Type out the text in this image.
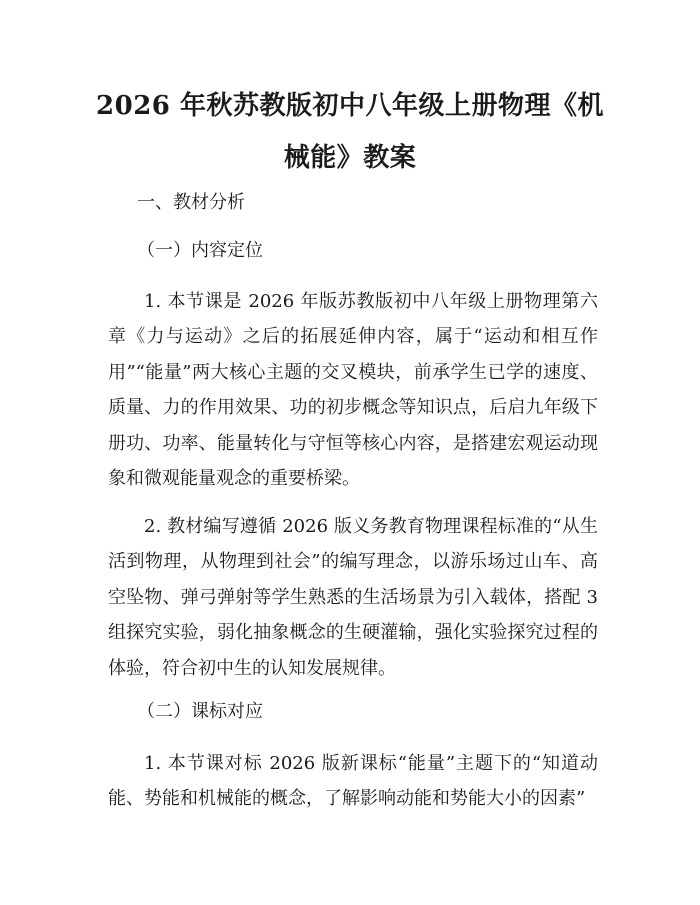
2026 年秋苏教版初中八年级上册物理《机械能》教案

一、教材分析

（一）内容定位

1. 本节课是 2026 年版苏教版初中八年级上册物理第六章《力与运动》之后的拓展延伸内容，属于“运动和相互作用”“能量”两大核心主题的交叉模块，前承学生已学的速度、质量、力的作用效果、功的初步概念等知识点，后启九年级下册功、功率、能量转化与守恒等核心内容，是搭建宏观运动现象和微观能量观念的重要桥梁。

2. 教材编写遵循 2026 版义务教育物理课程标准的“从生活到物理，从物理到社会”的编写理念，以游乐场过山车、高空坠物、弹弓弹射等学生熟悉的生活场景为引入载体，搭配 3 组探究实验，弱化抽象概念的生硬灌输，强化实验探究过程的体验，符合初中生的认知发展规律。

（二）课标对应

1. 本节课对标 2026 版新课标“能量”主题下的“知道动能、势能和机械能的概念，了解影响动能和势能大小的因素”
